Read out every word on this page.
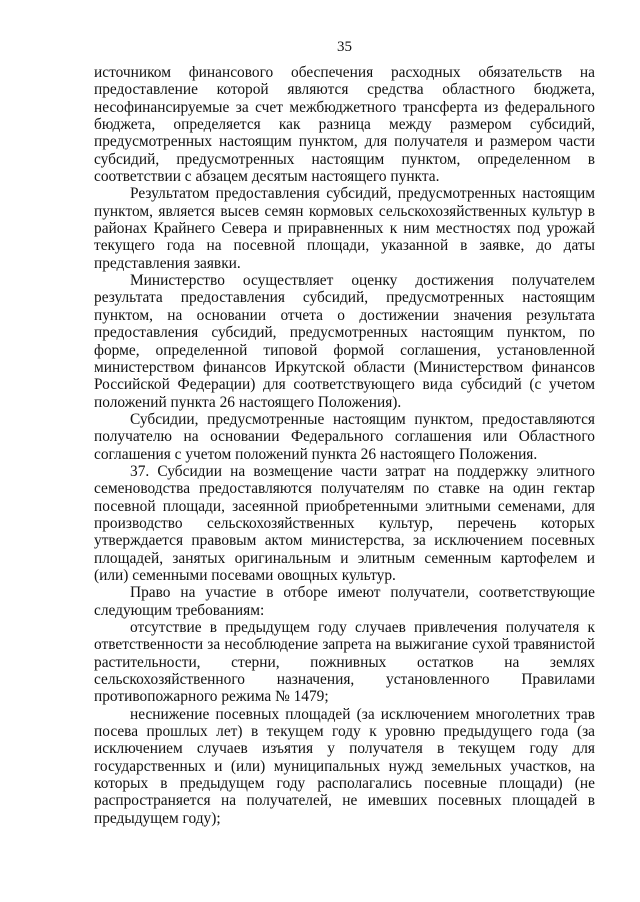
35

источником финансового обеспечения расходных обязательств на предоставление которой являются средства областного бюджета, несофинансируемые за счет межбюджетного трансферта из федерального бюджета, определяется как разница между размером субсидий, предусмотренных настоящим пунктом, для получателя и размером части субсидий, предусмотренных настоящим пунктом, определенном в соответствии с абзацем десятым настоящего пункта.

Результатом предоставления субсидий, предусмотренных настоящим пунктом, является высев семян кормовых сельскохозяйственных культур в районах Крайнего Севера и приравненных к ним местностях под урожай текущего года на посевной площади, указанной в заявке, до даты представления заявки.

Министерство осуществляет оценку достижения получателем результата предоставления субсидий, предусмотренных настоящим пунктом, на основании отчета о достижении значения результата предоставления субсидий, предусмотренных настоящим пунктом, по форме, определенной типовой формой соглашения, установленной министерством финансов Иркутской области (Министерством финансов Российской Федерации) для соответствующего вида субсидий (с учетом положений пункта 26 настоящего Положения).

Субсидии, предусмотренные настоящим пунктом, предоставляются получателю на основании Федерального соглашения или Областного соглашения с учетом положений пункта 26 настоящего Положения.

37. Субсидии на возмещение части затрат на поддержку элитного семеноводства предоставляются получателям по ставке на один гектар посевной площади, засеянной приобретенными элитными семенами, для производство сельскохозяйственных культур, перечень которых утверждается правовым актом министерства, за исключением посевных площадей, занятых оригинальным и элитным семенным картофелем и (или) семенными посевами овощных культур.

Право на участие в отборе имеют получатели, соответствующие следующим требованиям:

отсутствие в предыдущем году случаев привлечения получателя к ответственности за несоблюдение запрета на выжигание сухой травянистой растительности, стерни, пожнивных остатков на землях сельскохозяйственного назначения, установленного Правилами противопожарного режима № 1479;

неснижение посевных площадей (за исключением многолетних трав посева прошлых лет) в текущем году к уровню предыдущего года (за исключением случаев изъятия у получателя в текущем году для государственных и (или) муниципальных нужд земельных участков, на которых в предыдущем году располагались посевные площади) (не распространяется на получателей, не имевших посевных площадей в предыдущем году);
